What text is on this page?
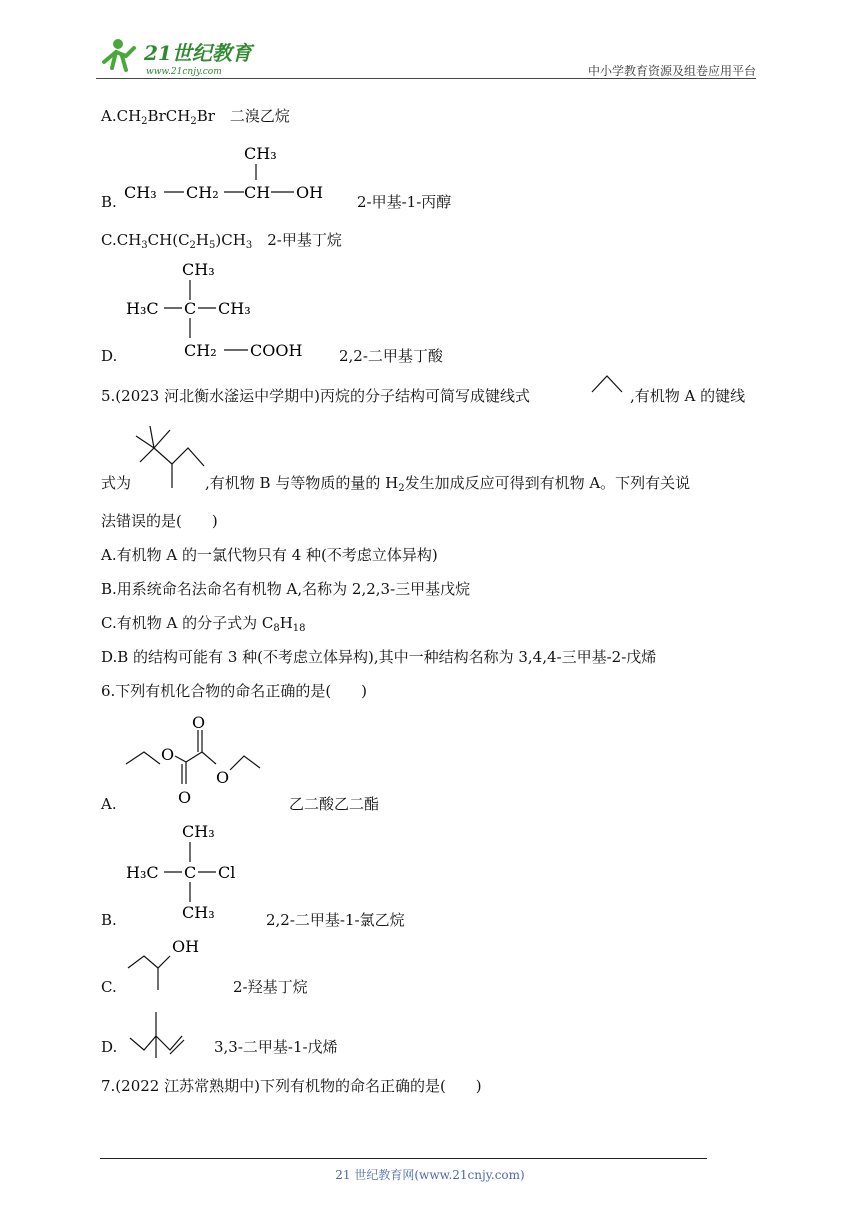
21世纪教育
www.21cnjy.com	中小学教育资源及组卷应用平台
$A.CH_2BrCH_2Br$　 二溴乙烷
B.
CH₃
CH₃ CH₂ CH OH 2-甲基-1-丙醇
$C.CH_3CH(C_2H_5)CH_3$　 2-甲基丁烷
D.
CH₃
H₃C C CH₃
CH₂ COOH 2,2-二甲基丁酸
5.(2023 河北衡水滏运中学期中)丙烷的分子结构可简写成键线式	,有机物 A 的键线
式为	,有机物 B 与等物质的量的 $H_2$发生加成反应可得到有机物 A。下列有关说
法错误的是(　　)
A.有机物 A 的一氯代物只有 4 种(不考虑立体异构)
B.用系统命名法命名有机物 A,名称为 2,2,3-三甲基戊烷
C.有机物 A 的分子式为 $C_8H_{18}$
D.B 的结构可能有 3 种(不考虑立体异构),其中一种结构名称为 3,4,4-三甲基-2-戊烯
6.下列有机化合物的命名正确的是(　　)
A.
O
O
O
O
乙二酸乙二酯
B.
CH₃
H₃C C Cl
CH₃	2,2-二甲基-1-氯乙烷
C.
OH
2-羟基丁烷
D.	3,3-二甲基-1-戊烯
7.(2022 江苏常熟期中)下列有机物的命名正确的是(　　)
21 世纪教育网(www.21cnjy.com)
